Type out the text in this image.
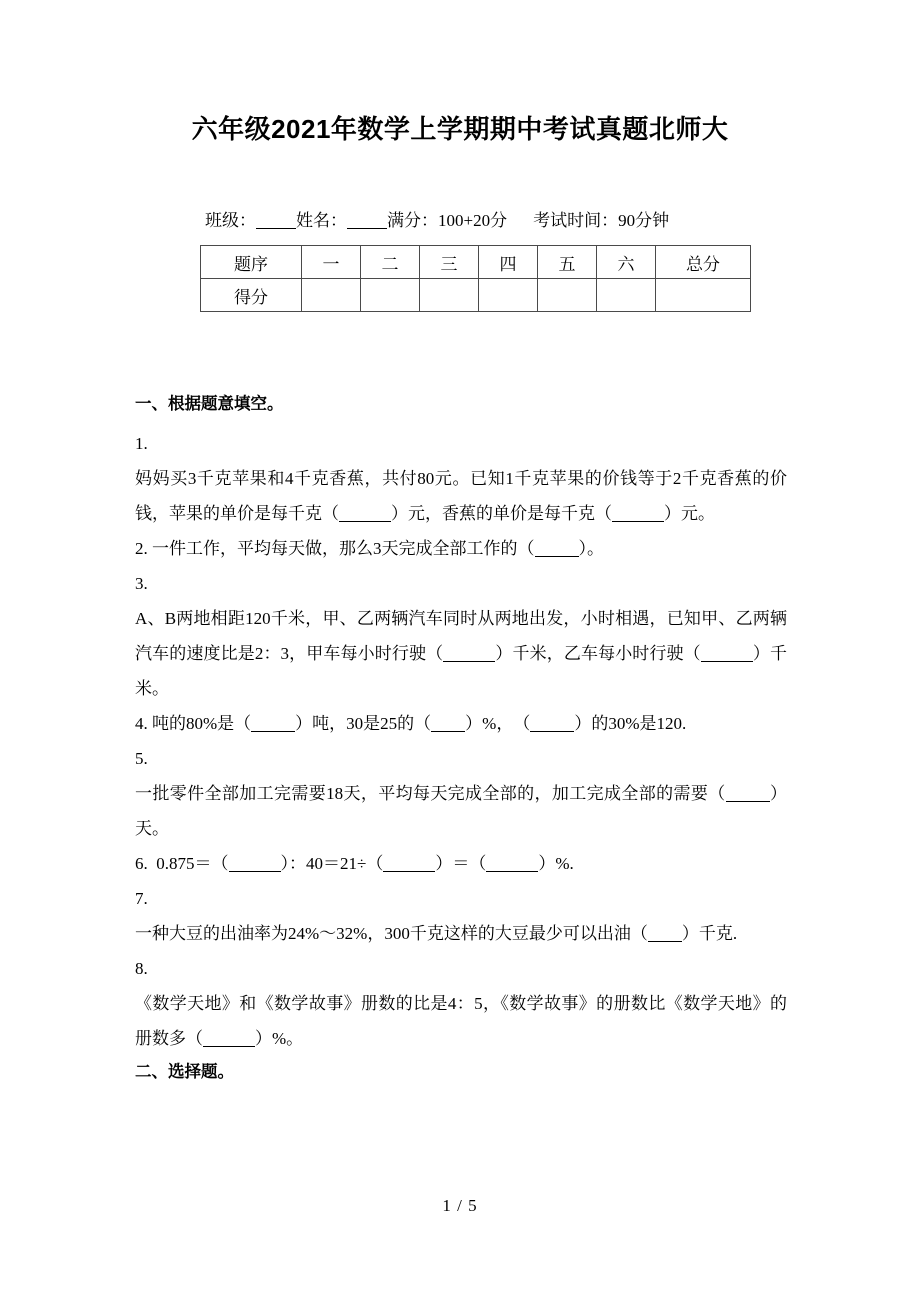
六年级2021年数学上学期期中考试真题北师大
班级： 姓名： 满分：100+20分 考试时间：90分钟
题序	一	二	三	四	五	六	总分
得分							
一、根据题意填空。
1.
妈妈买3千克苹果和4千克香蕉，共付80元。已知1千克苹果的价钱等于2千克香蕉的价钱，苹果的单价是每千克（	）元，香蕉的单价是每千克（	）元。
2. 一件工作，平均每天做，那么3天完成全部工作的（	）。
3.
A、B两地相距120千米，甲、乙两辆汽车同时从两地出发，小时相遇，已知甲、乙两辆汽车的速度比是2：3，甲车每小时行驶（	）千米，乙车每小时行驶（	）千米。
4. 吨的80%是（	）吨，30是25的（ ）%，　（	）的30%是120.
5.
一批零件全部加工完需要18天，平均每天完成全部的，加工完成全部的需要（	）天。
6. 0.875＝（	）：40＝21÷（	）＝（	）%.
7.
一种大豆的出油率为24%～32%，300千克这样的大豆最少可以出油（ ）千克.
8.
《数学天地》和《数学故事》册数的比是4：5，《数学故事》的册数比《数学天地》的册数多（	）%。
二、选择题。
1 / 5
